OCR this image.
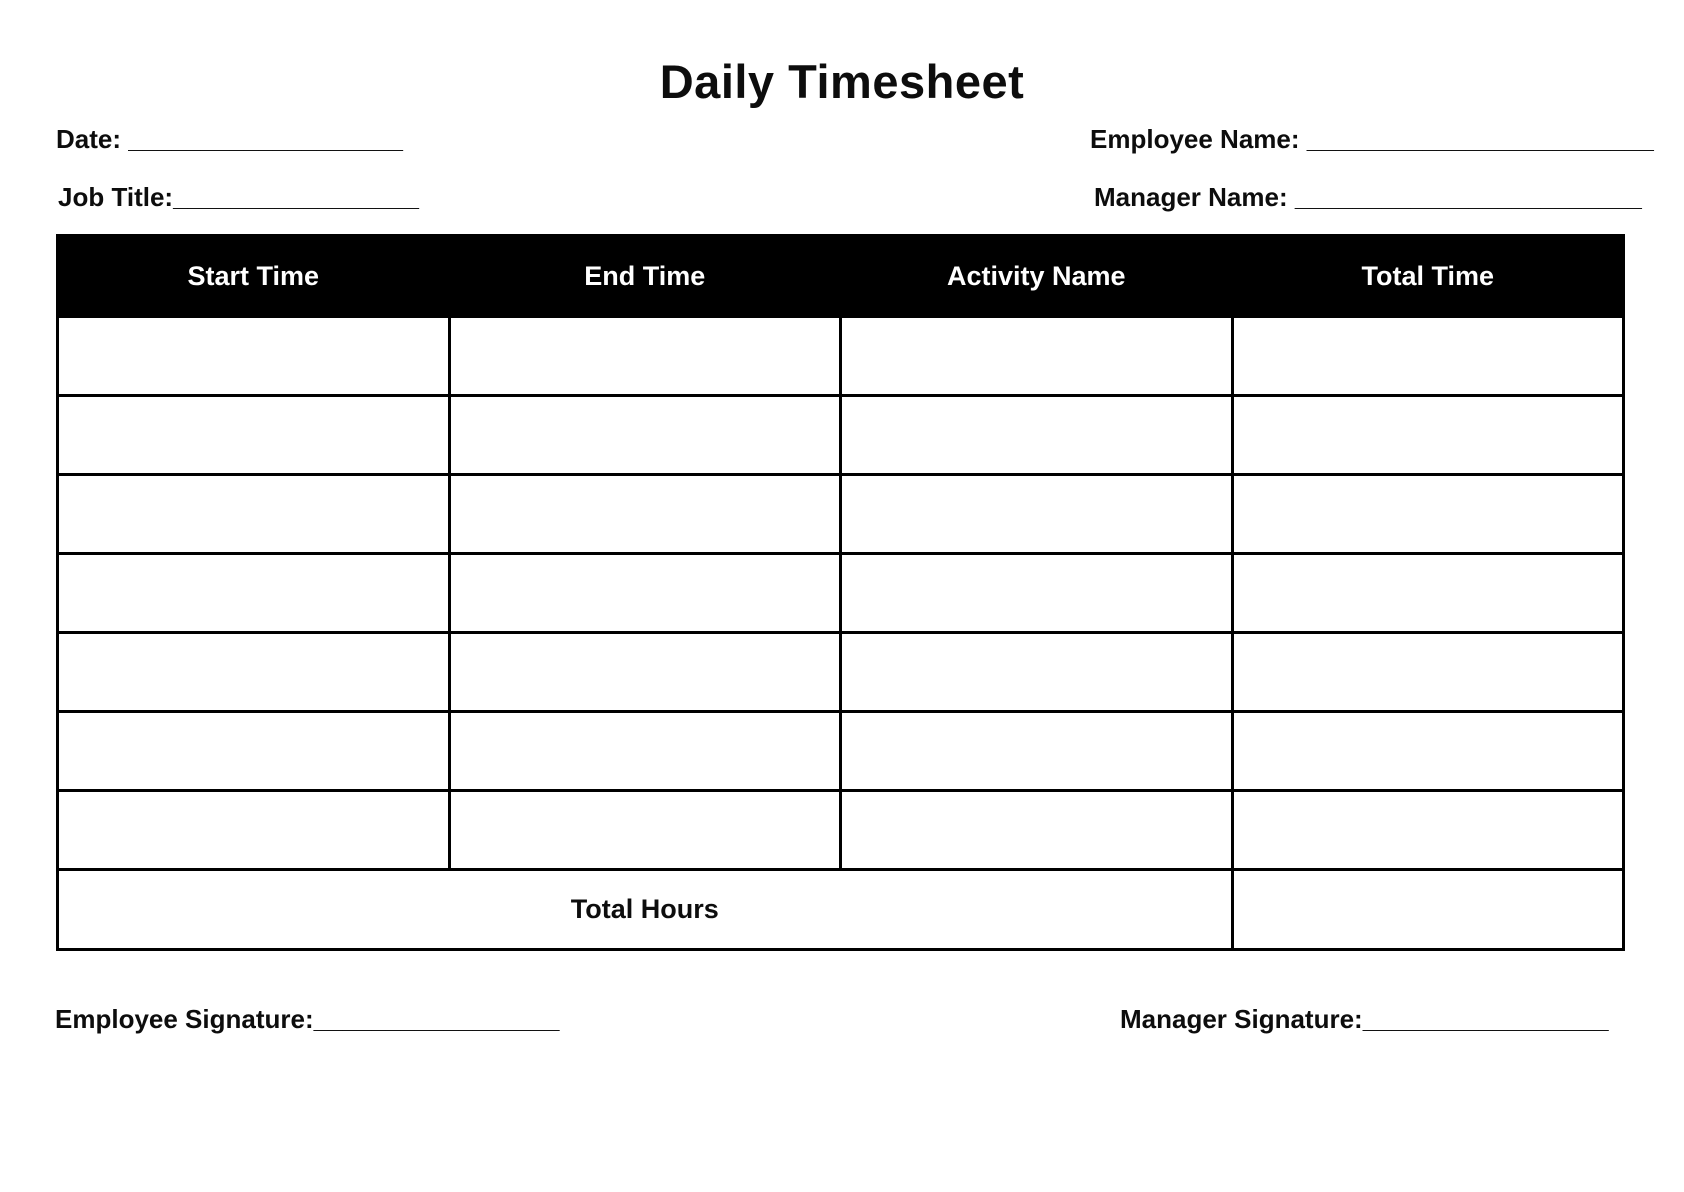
Daily Timesheet
Date: ___________________	Employee Name: ________________________
Job Title:_________________	Manager Name: ________________________
Start Time	End Time	Activity Name	Total Time

Total Hours			
Employee Signature:_________________	Manager Signature:_________________
